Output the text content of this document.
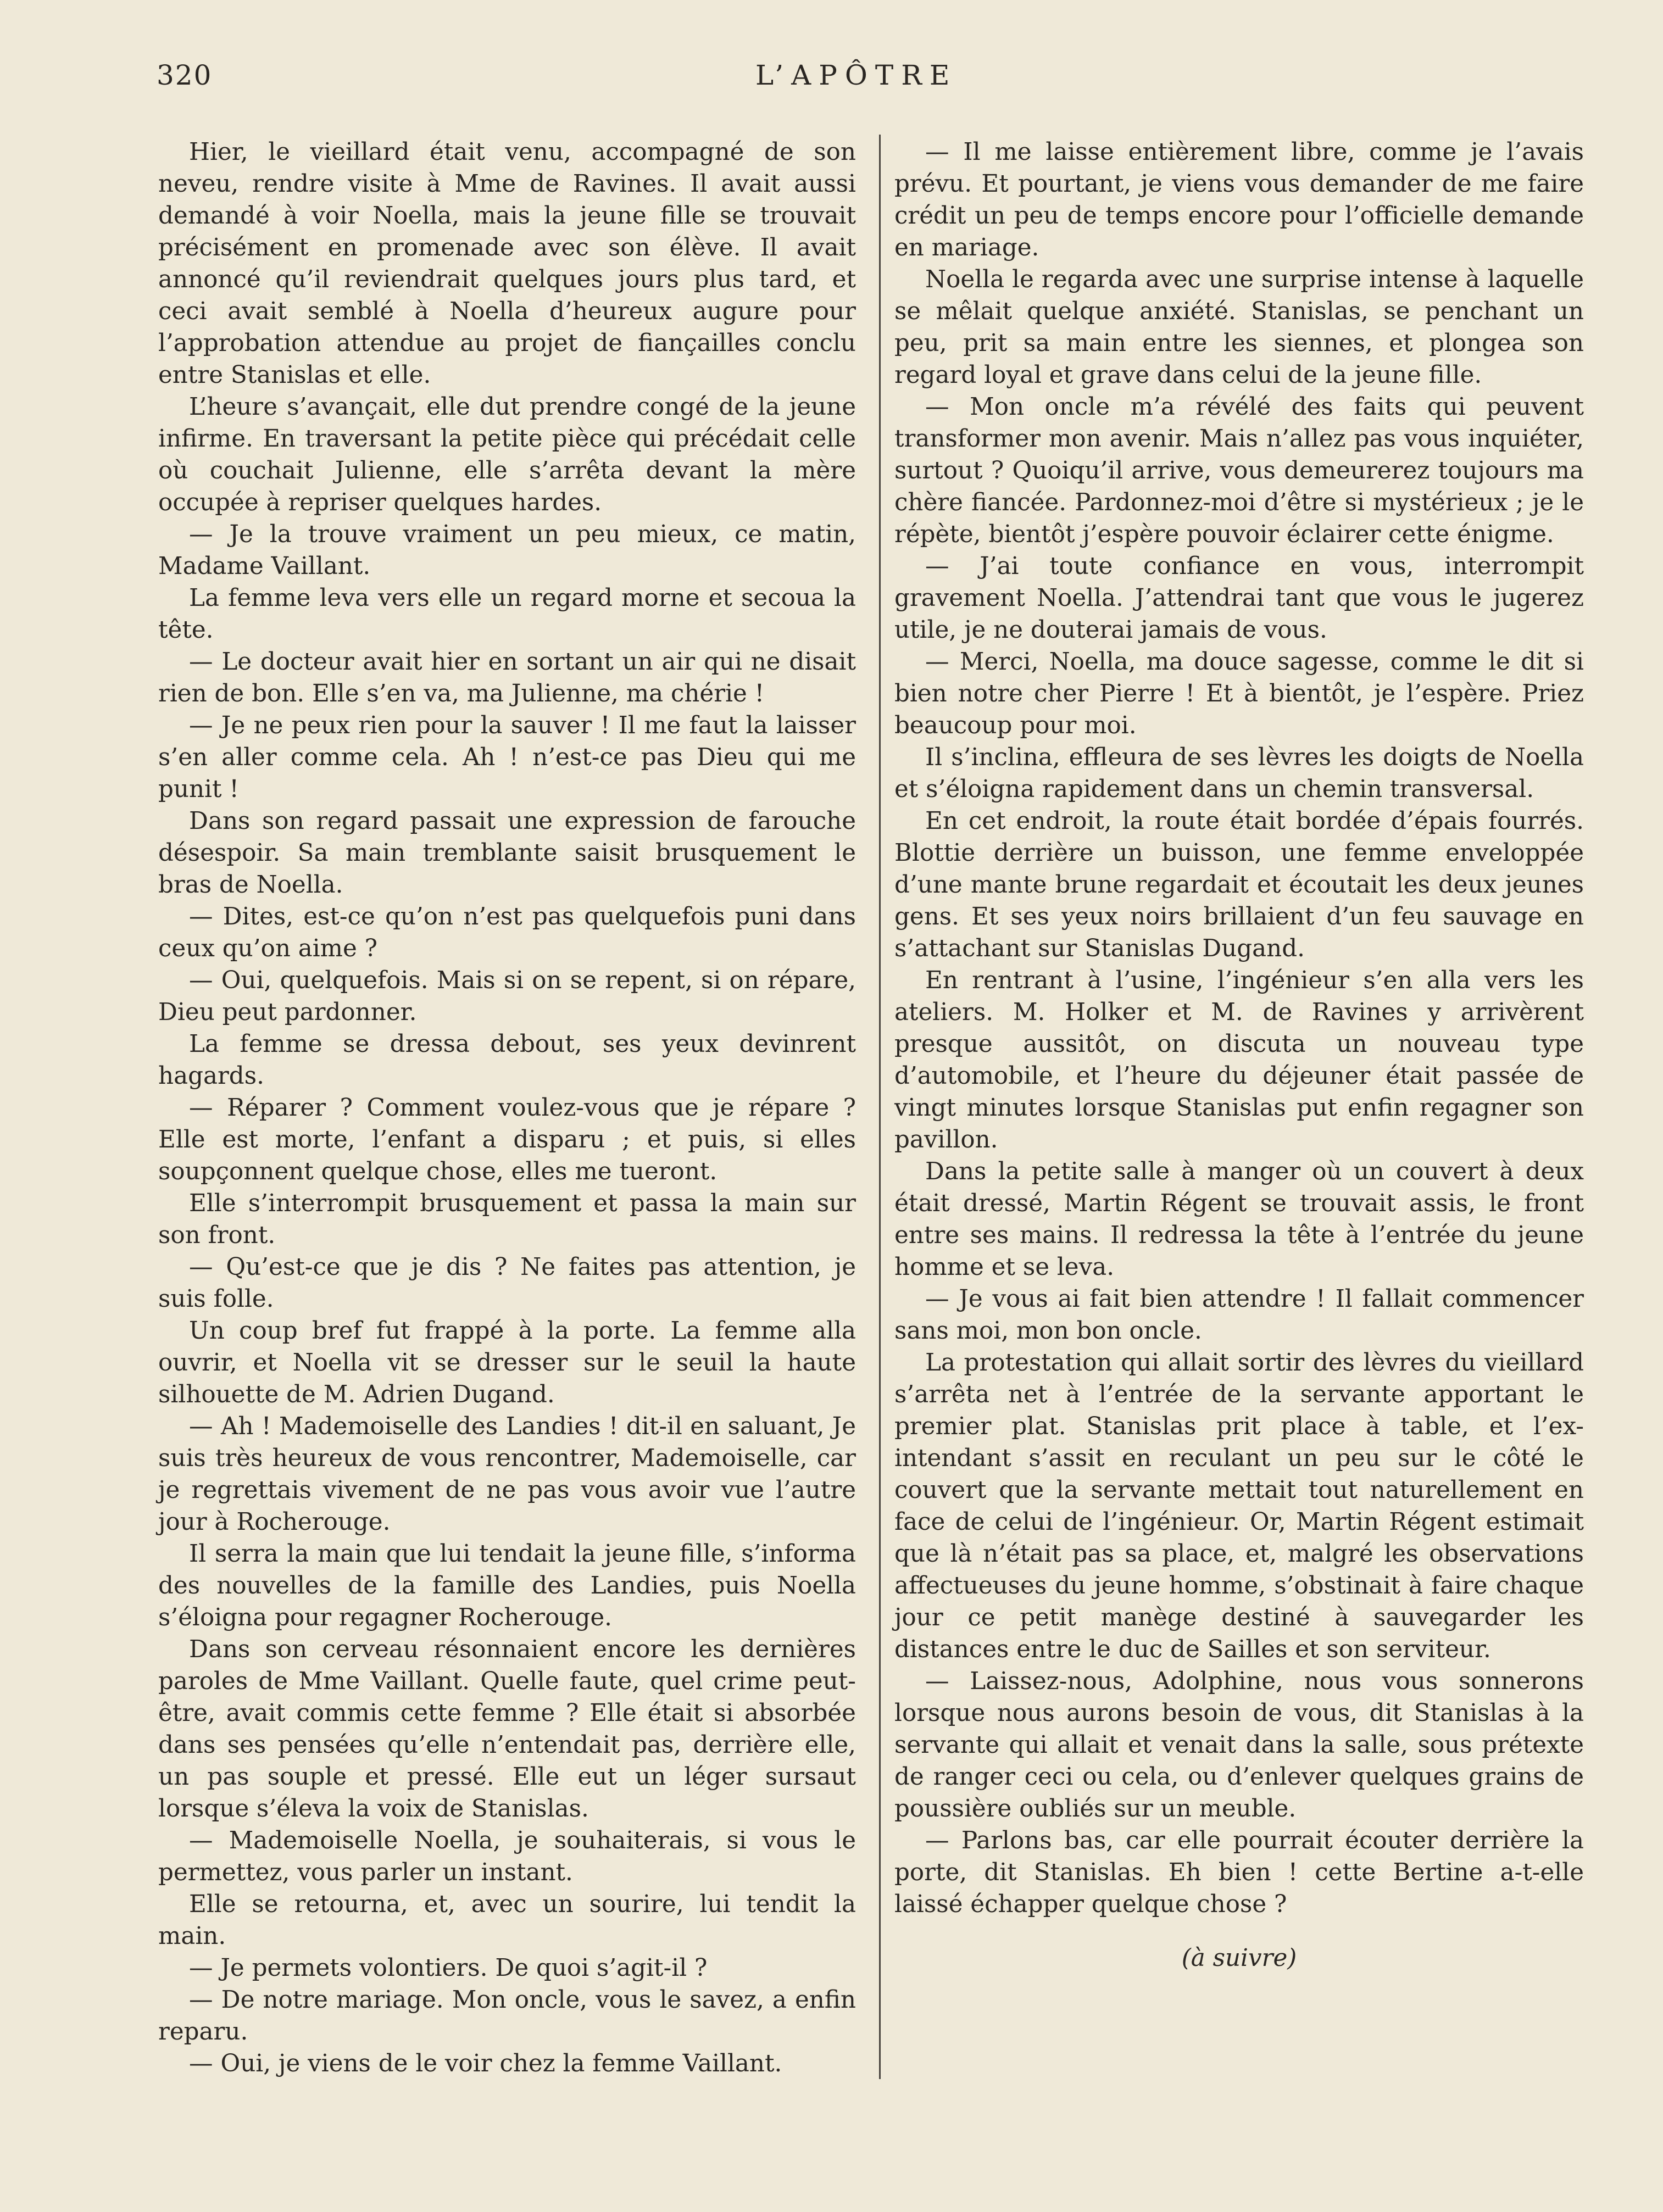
320	L’APÔTRE

Hier, le vieillard était venu, accompagné de son neveu, rendre visite à Mme de Ravines. Il avait aussi demandé à voir Noella, mais la jeune fille se trouvait précisément en promenade avec son élève. Il avait annoncé qu’il reviendrait quelques jours plus tard, et ceci avait semblé à Noella d’heureux augure pour l’approbation attendue au projet de fiançailles conclu entre Stanislas et elle.

L’heure s’avançait, elle dut prendre congé de la jeune infirme. En traversant la petite pièce qui précédait celle où couchait Julienne, elle s’arrêta devant la mère occupée à repriser quelques hardes.

— Je la trouve vraiment un peu mieux, ce matin, Madame Vaillant.

La femme leva vers elle un regard morne et secoua la tête.

— Le docteur avait hier en sortant un air qui ne disait rien de bon. Elle s’en va, ma Julienne, ma chérie !

— Je ne peux rien pour la sauver ! Il me faut la laisser s’en aller comme cela. Ah ! n’est-ce pas Dieu qui me punit !

Dans son regard passait une expression de farouche désespoir. Sa main tremblante saisit brusquement le bras de Noella.

— Dites, est-ce qu’on n’est pas quelquefois puni dans ceux qu’on aime ?

— Oui, quelquefois. Mais si on se repent, si on répare, Dieu peut pardonner.

La femme se dressa debout, ses yeux devinrent hagards.

— Réparer ? Comment voulez-vous que je répare ? Elle est morte, l’enfant a disparu ; et puis, si elles soupçonnent quelque chose, elles me tueront.

Elle s’interrompit brusquement et passa la main sur son front.

— Qu’est-ce que je dis ? Ne faites pas attention, je suis folle.

Un coup bref fut frappé à la porte. La femme alla ouvrir, et Noella vit se dresser sur le seuil la haute silhouette de M. Adrien Dugand.

— Ah ! Mademoiselle des Landies ! dit-il en saluant, Je suis très heureux de vous rencontrer, Mademoiselle, car je regrettais vivement de ne pas vous avoir vue l’autre jour à Rocherouge.

Il serra la main que lui tendait la jeune fille, s’informa des nouvelles de la famille des Landies, puis Noella s’éloigna pour regagner Rocherouge.

Dans son cerveau résonnaient encore les dernières paroles de Mme Vaillant. Quelle faute, quel crime peut-être, avait commis cette femme ? Elle était si absorbée dans ses pensées qu’elle n’entendait pas, derrière elle, un pas souple et pressé. Elle eut un léger sursaut lorsque s’éleva la voix de Stanislas.

— Mademoiselle Noella, je souhaiterais, si vous le permettez, vous parler un instant.

Elle se retourna, et, avec un sourire, lui tendit la main.

— Je permets volontiers. De quoi s’agit-il ?

— De notre mariage. Mon oncle, vous le savez, a enfin reparu.

— Oui, je viens de le voir chez la femme Vaillant.

— Il me laisse entièrement libre, comme je l’avais prévu. Et pourtant, je viens vous demander de me faire crédit un peu de temps encore pour l’officielle demande en mariage.

Noella le regarda avec une surprise intense à laquelle se mêlait quelque anxiété. Stanislas, se penchant un peu, prit sa main entre les siennes, et plongea son regard loyal et grave dans celui de la jeune fille.

— Mon oncle m’a révélé des faits qui peuvent transformer mon avenir. Mais n’allez pas vous inquiéter, surtout ? Quoiqu’il arrive, vous demeurerez toujours ma chère fiancée. Pardonnez-moi d’être si mystérieux ; je le répète, bientôt j’espère pouvoir éclairer cette énigme.

— J’ai toute confiance en vous, interrompit gravement Noella. J’attendrai tant que vous le jugerez utile, je ne douterai jamais de vous.

— Merci, Noella, ma douce sagesse, comme le dit si bien notre cher Pierre ! Et à bientôt, je l’espère. Priez beaucoup pour moi.

Il s’inclina, effleura de ses lèvres les doigts de Noella et s’éloigna rapidement dans un chemin transversal.

En cet endroit, la route était bordée d’épais fourrés. Blottie derrière un buisson, une femme enveloppée d’une mante brune regardait et écoutait les deux jeunes gens. Et ses yeux noirs brillaient d’un feu sauvage en s’attachant sur Stanislas Dugand.

En rentrant à l’usine, l’ingénieur s’en alla vers les ateliers. M. Holker et M. de Ravines y arrivèrent presque aussitôt, on discuta un nouveau type d’automobile, et l’heure du déjeuner était passée de vingt minutes lorsque Stanislas put enfin regagner son pavillon.

Dans la petite salle à manger où un couvert à deux était dressé, Martin Régent se trouvait assis, le front entre ses mains. Il redressa la tête à l’entrée du jeune homme et se leva.

— Je vous ai fait bien attendre ! Il fallait commencer sans moi, mon bon oncle.

La protestation qui allait sortir des lèvres du vieillard s’arrêta net à l’entrée de la servante apportant le premier plat. Stanislas prit place à table, et l’ex-intendant s’assit en reculant un peu sur le côté le couvert que la servante mettait tout naturellement en face de celui de l’ingénieur. Or, Martin Régent estimait que là n’était pas sa place, et, malgré les observations affectueuses du jeune homme, s’obstinait à faire chaque jour ce petit manège destiné à sauvegarder les distances entre le duc de Sailles et son serviteur.

— Laissez-nous, Adolphine, nous vous sonnerons lorsque nous aurons besoin de vous, dit Stanislas à la servante qui allait et venait dans la salle, sous prétexte de ranger ceci ou cela, ou d’enlever quelques grains de poussière oubliés sur un meuble.

— Parlons bas, car elle pourrait écouter derrière la porte, dit Stanislas. Eh bien ! cette Bertine a-t-elle laissé échapper quelque chose ?

(à suivre)
